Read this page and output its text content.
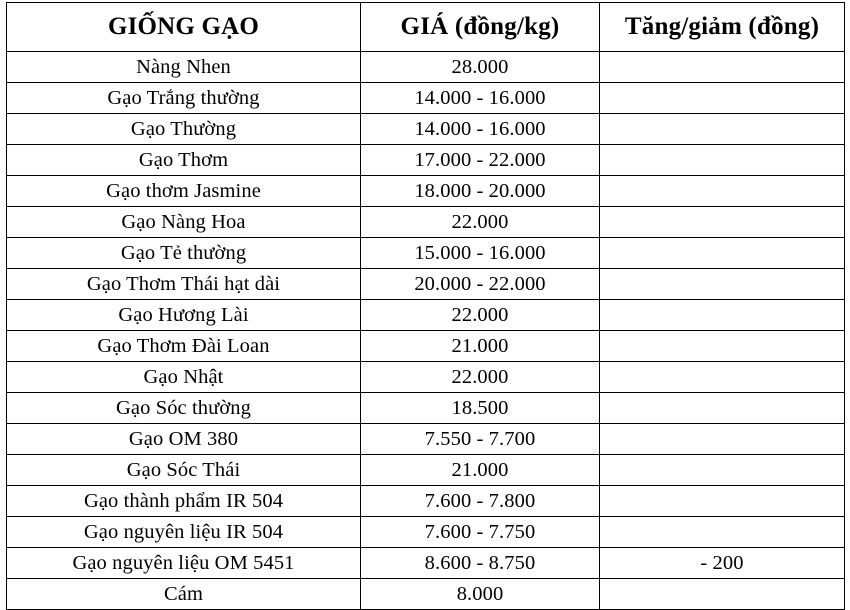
GIỐNG GẠO	GIÁ (đồng/kg)	Tăng/giảm (đồng)
Nàng Nhen	28.000	
Gạo Trắng thường	14.000 - 16.000	
Gạo Thường	14.000 - 16.000	
Gạo Thơm	17.000 - 22.000	
Gạo thơm Jasmine	18.000 - 20.000	
Gạo Nàng Hoa	22.000	
Gạo Tẻ thường	15.000 - 16.000	
Gạo Thơm Thái hạt dài	20.000 - 22.000	
Gạo Hương Lài	22.000	
Gạo Thơm Đài Loan	21.000	
Gạo Nhật	22.000	
Gạo Sóc thường	18.500	
Gạo OM 380	7.550 - 7.700	
Gạo Sóc Thái	21.000	
Gạo thành phẩm IR 504	7.600 - 7.800	
Gạo nguyên liệu IR 504	7.600 - 7.750	
Gạo nguyên liệu OM 5451	8.600 - 8.750	- 200
Cám	8.000	
